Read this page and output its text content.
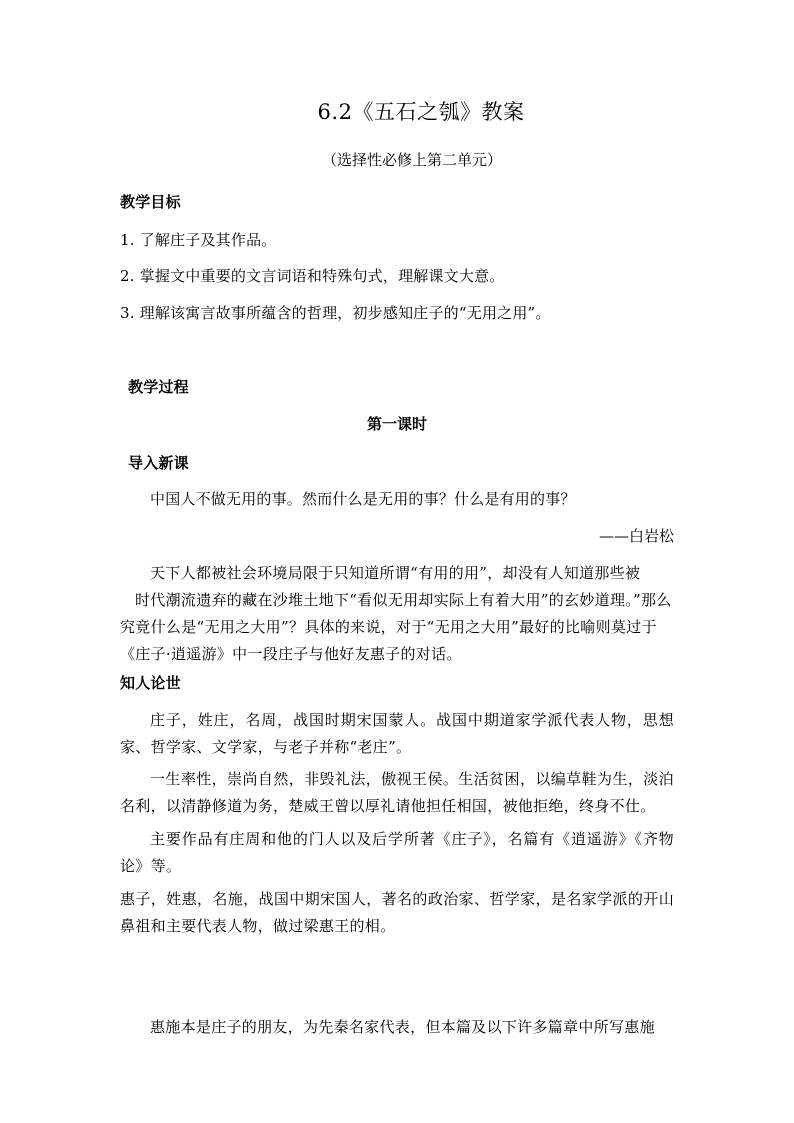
6.2《五石之瓠》教案
（选择性必修上第二单元）
教学目标
1. 了解庄子及其作品。
2. 掌握文中重要的文言词语和特殊句式，理解课文大意。
3. 理解该寓言故事所蕴含的哲理，初步感知庄子的“无用之用”。
教学过程
第一课时
导入新课
中国人不做无用的事。然而什么是无用的事？什么是有用的事？
——白岩松
天下人都被社会环境局限于只知道所谓“有用的用”，却没有人知道那些被
时代潮流遗弃的藏在沙堆土地下“看似无用却实际上有着大用”的玄妙道理。”那么究竟什么是“无用之大用”？具体的来说，对于“无用之大用”最好的比喻则莫过于《庄子·逍遥游》中一段庄子与他好友惠子的对话。
知人论世
庄子，姓庄，名周，战国时期宋国蒙人。战国中期道家学派代表人物，思想家、哲学家、文学家，与老子并称“老庄”。
一生率性，崇尚自然，非毁礼法，傲视王侯。生活贫困，以编草鞋为生，淡泊名利，以清静修道为务，楚威王曾以厚礼请他担任相国，被他拒绝，终身不仕。
主要作品有庄周和他的门人以及后学所著《庄子》，名篇有《逍遥游》《齐物论》等。
惠子，姓惠，名施，战国中期宋国人，著名的政治家、哲学家，是名家学派的开山鼻祖和主要代表人物，做过梁惠王的相。
惠施本是庄子的朋友，为先秦名家代表，但本篇及以下许多篇章中所写惠施
